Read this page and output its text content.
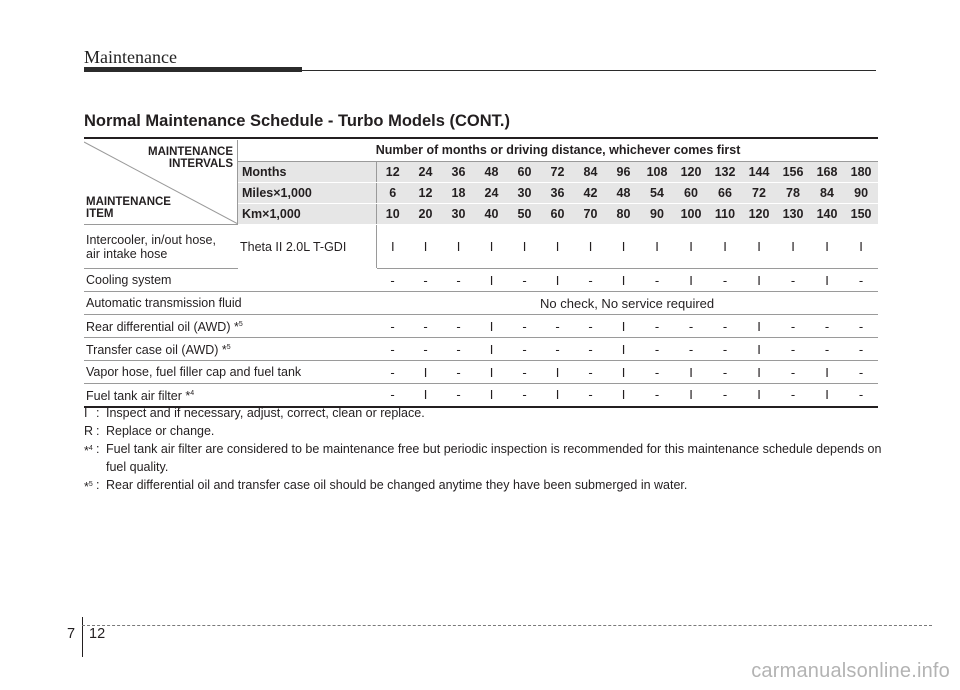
Maintenance
Normal Maintenance Schedule - Turbo Models (CONT.)
MAINTENANCE
INTERVALS
MAINTENANCE
ITEM	Number of months or driving distance, whichever comes first															
	Months	12	24	36	48	60	72	84	96	108	120	132	144	156	168	180
	Miles×1,000	6	12	18	24	30	36	42	48	54	60	66	72	78	84	90
	Km×1,000	10	20	30	40	50	60	70	80	90	100	110	120	130	140	150
Intercooler, in/out hose,
air intake hose	Theta II 2.0L T-GDI	I	I	I	I	I	I	I	I	I	I	I	I	I	I	I
Cooling system		-	-	-	I	-	I	-	I	-	I	-	I	-	I	-
Automatic transmission fluid		No check, No service required														
Rear differential oil (AWD) *$^5$		-	-	-	I	-	-	-	I	-	-	-	I	-	-	-
Transfer case oil (AWD) *$^5$		-	-	-	I	-	-	-	I	-	-	-	I	-	-	-
Vapor hose, fuel filler cap and fuel tank		-	I	-	I	-	I	-	I	-	I	-	I	-	I	-
Fuel tank air filter *$^4$		-	I	-	I	-	I	-	I	-	I	-	I	-	I	-
I : Inspect and if necessary, adjust, correct, clean or replace.
R : Replace or change.
*$^4$ : Fuel tank air filter are considered to be maintenance free but periodic inspection is recommended for this maintenance schedule depends on fuel quality.
*$^5$ : Rear differential oil and transfer case oil should be changed anytime they have been submerged in water.
7 12
carmanualsonline.info
